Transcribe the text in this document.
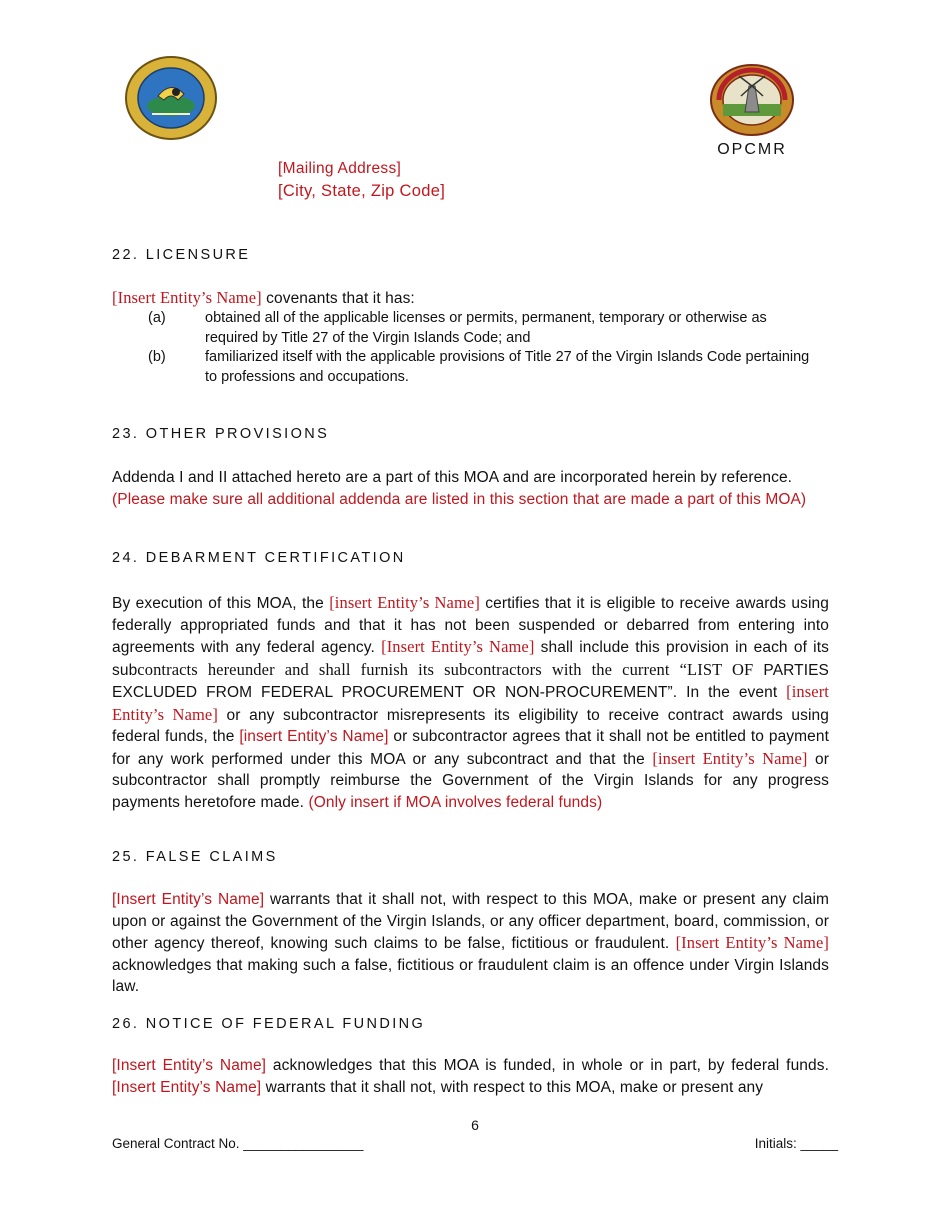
OPCMR
[Mailing Address]
[City, State, Zip Code]
22. LICENSURE
[Insert Entity’s Name] covenants that it has:
(a)	obtained all of the applicable licenses or permits, permanent, temporary or otherwise as required by Title 27 of the Virgin Islands Code; and
(b)	familiarized itself with the applicable provisions of Title 27 of the Virgin Islands Code pertaining to professions and occupations.
23. OTHER PROVISIONS
Addenda I and II attached hereto are a part of this MOA and are incorporated herein by reference. (Please make sure all additional addenda are listed in this section that are made a part of this MOA)
24. DEBARMENT CERTIFICATION
By execution of this MOA, the [insert Entity’s Name] certifies that it is eligible to receive awards using federally appropriated funds and that it has not been suspended or debarred from entering into agreements with any federal agency. [Insert Entity’s Name] shall include this provision in each of its subcontracts hereunder and shall furnish its subcontractors with the current “LIST OF PARTIES EXCLUDED FROM FEDERAL PROCUREMENT OR NON-PROCUREMENT”. In the event [insert Entity’s Name] or any subcontractor misrepresents its eligibility to receive contract awards using federal funds, the [insert Entity’s Name] or subcontractor agrees that it shall not be entitled to payment for any work performed under this MOA or any subcontract and that the [insert Entity’s Name] or subcontractor shall promptly reimburse the Government of the Virgin Islands for any progress payments heretofore made. (Only insert if MOA involves federal funds)
25. FALSE CLAIMS
[Insert Entity’s Name] warrants that it shall not, with respect to this MOA, make or present any claim upon or against the Government of the Virgin Islands, or any officer department, board, commission, or other agency thereof, knowing such claims to be false, fictitious or fraudulent. [Insert Entity’s Name] acknowledges that making such a false, fictitious or fraudulent claim is an offence under Virgin Islands law.
26. NOTICE OF FEDERAL FUNDING
[Insert Entity’s Name] acknowledges that this MOA is funded, in whole or in part, by federal funds. [Insert Entity’s Name] warrants that it shall not, with respect to this MOA, make or present any
6
General Contract No. ________________	Initials: _____
